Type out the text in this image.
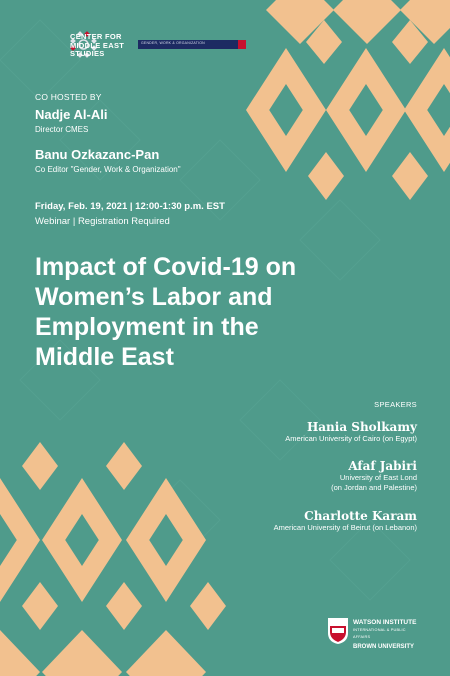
CENTER FOR
MIDDLE EAST
STUDIES
GENDER, WORK & ORGANIZATION
CO HOSTED BY
Nadje Al-Ali
Director CMES
Banu Ozkazanc-Pan
Co Editor "Gender, Work & Organization"
Friday, Feb. 19, 2021 | 12:00-1:30 p.m. EST
Webinar | Registration Required
Impact of Covid-19 on
Women’s Labor and
Employment in the
Middle East
SPEAKERS
Hania Sholkamy
American University of Cairo (on Egypt)
Afaf Jabiri
University of East Lond
(on Jordan and Palestine)
Charlotte Karam
American University of Beirut (on Lebanon)
WATSON INSTITUTE
INTERNATIONAL & PUBLIC AFFAIRS
BROWN UNIVERSITY
